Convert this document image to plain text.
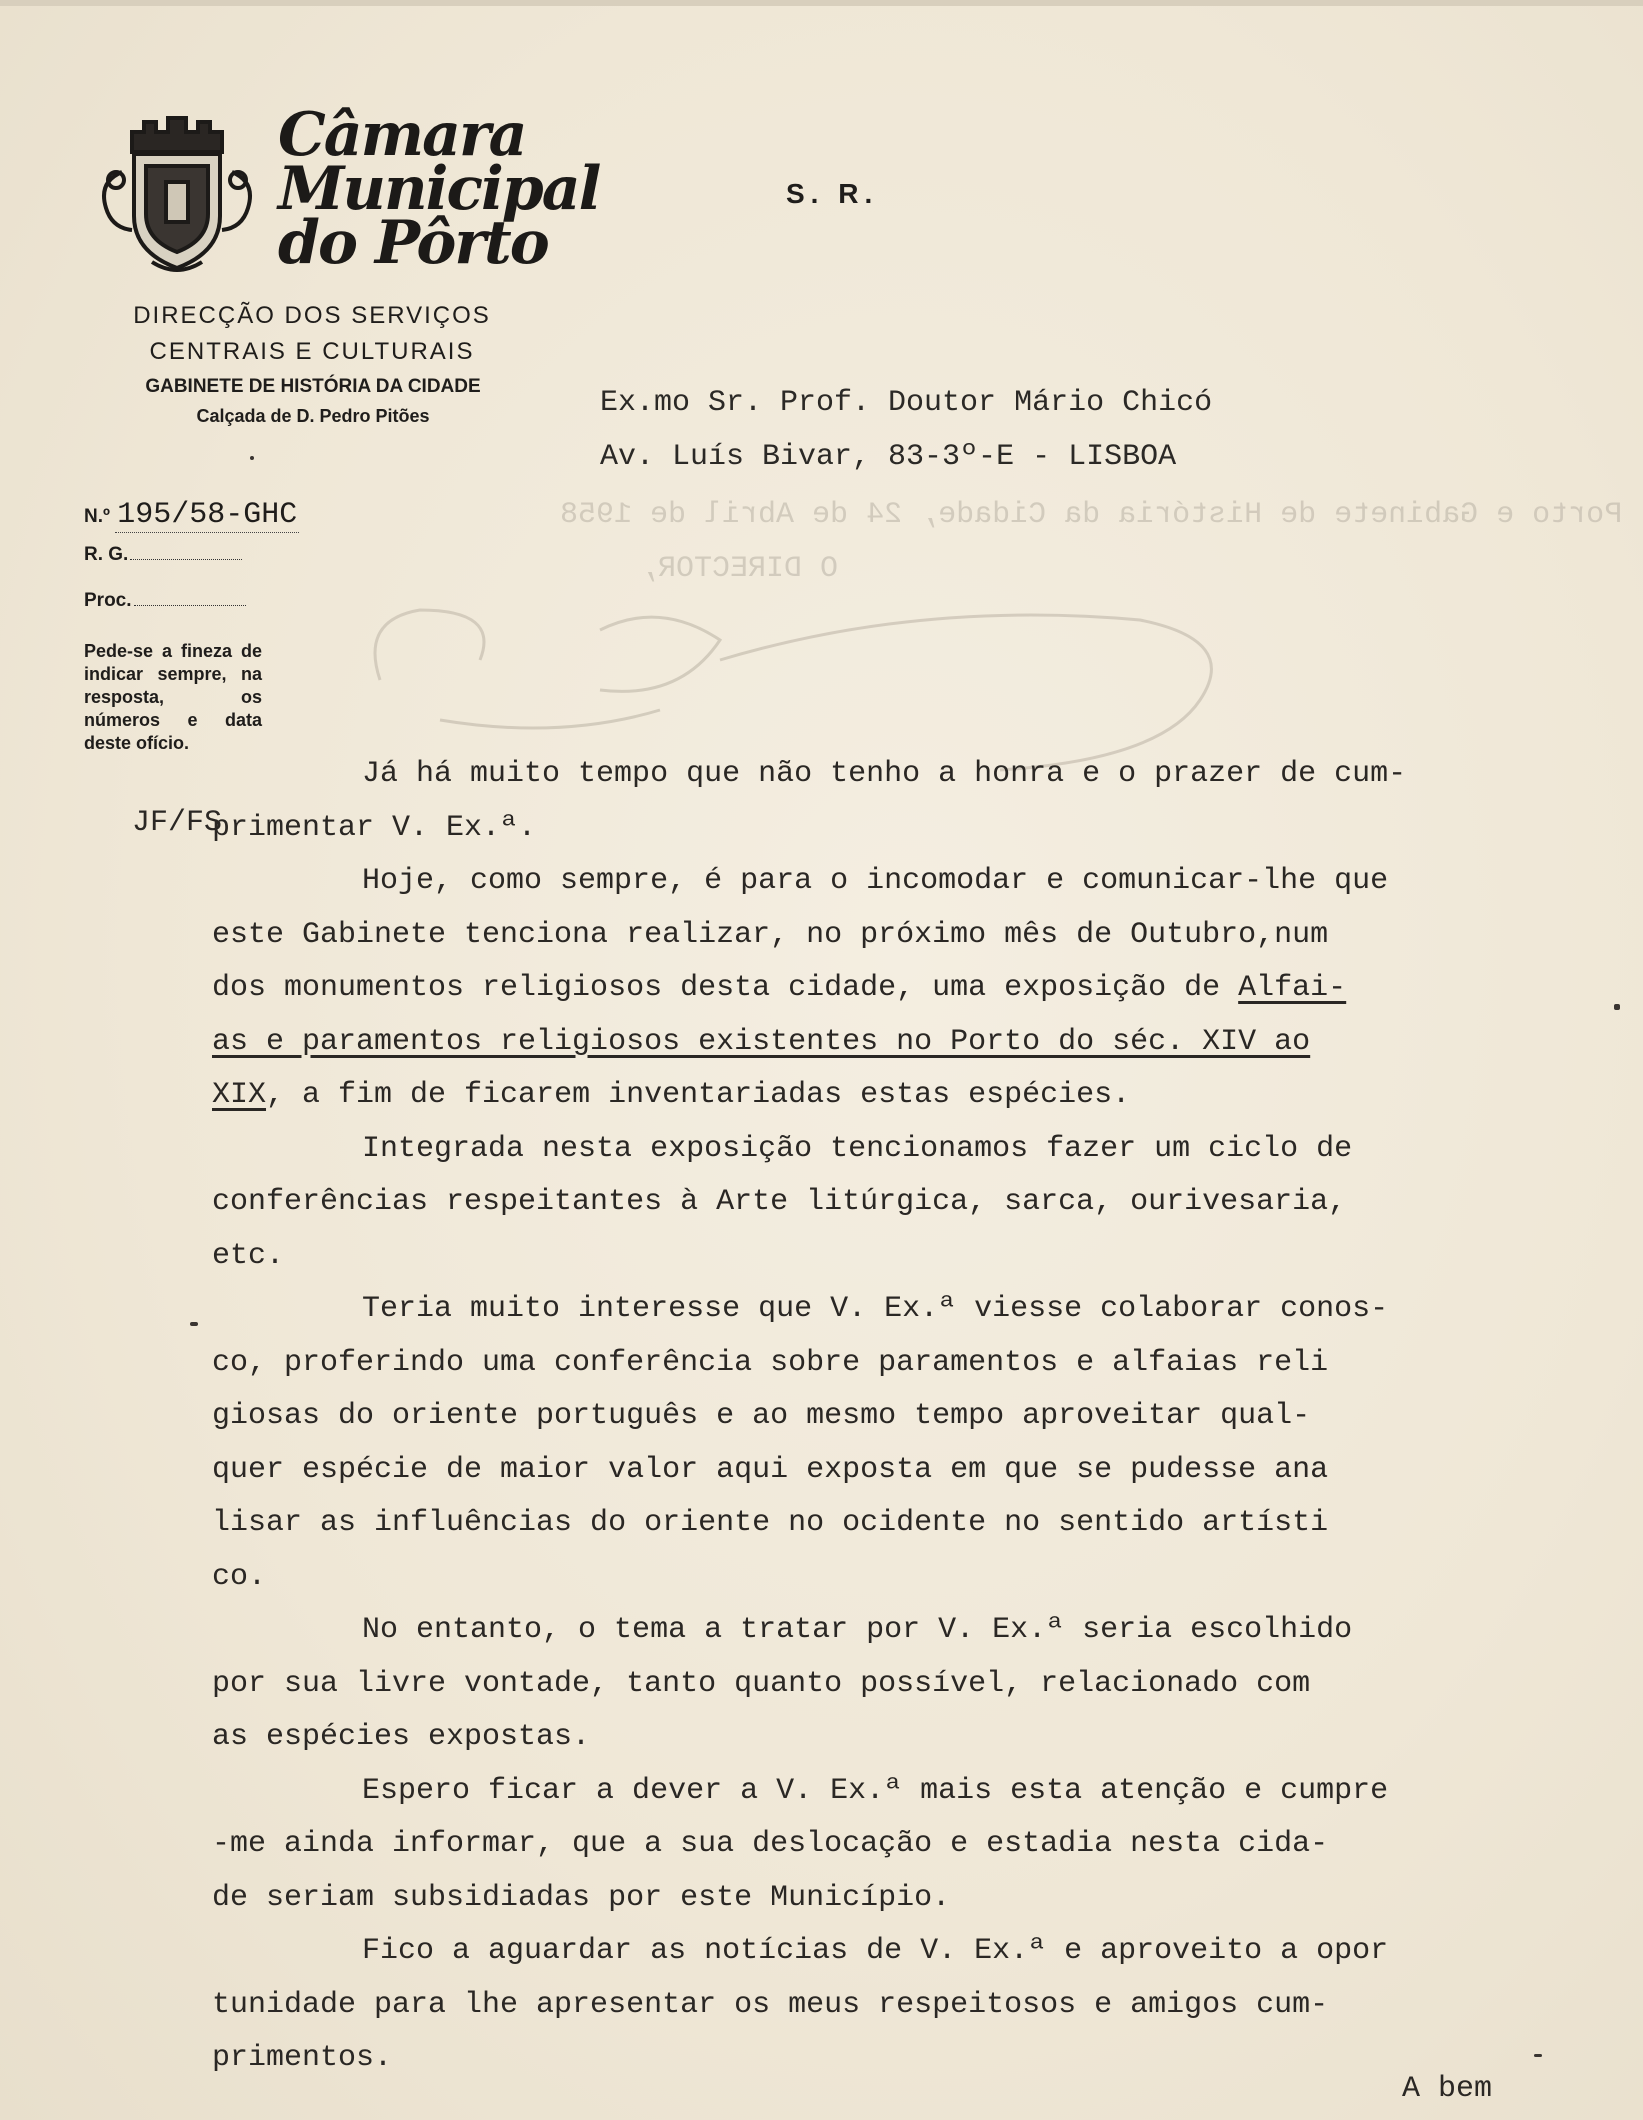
Câmara
Municipal
do Pôrto
DIRECÇÃO DOS SERVIÇOS
CENTRAIS E CULTURAIS
GABINETE DE HISTÓRIA DA CIDADE
Calçada de D. Pedro Pitões
N.º 195/58-GHC
R. G.
Proc.
Pede-se a fineza de indicar sempre, na resposta, os números e data deste ofício.
JF/FS
S. R.
Ex.mo Sr. Prof. Doutor Mário Chicó
Av. Luís Bivar, 83-3º-E - LISBOA
Porto e Gabinete de História da Cidade, 24 de Abril de 1958
O DIRECTOR,

Já há muito tempo que não tenho a honra e o prazer de cum-

primentar V. Ex.ª.

Hoje, como sempre, é para o incomodar e comunicar-lhe que

este Gabinete tenciona realizar, no próximo mês de Outubro,num

dos monumentos religiosos desta cidade, uma exposição de Alfai-

as e paramentos religiosos existentes no Porto do séc. XIV ao

XIX, a fim de ficarem inventariadas estas espécies.

Integrada nesta exposição tencionamos fazer um ciclo de

conferências respeitantes à Arte litúrgica, sarca, ourivesaria,

etc.

Teria muito interesse que V. Ex.ª viesse colaborar conos-

co, proferindo uma conferência sobre paramentos e alfaias reli

giosas do oriente português e ao mesmo tempo aproveitar qual-

quer espécie de maior valor aqui exposta em que se pudesse ana

lisar as influências do oriente no ocidente no sentido artísti

co.

No entanto, o tema a tratar por V. Ex.ª seria escolhido

por sua livre vontade, tanto quanto possível, relacionado com

as espécies expostas.

Espero ficar a dever a V. Ex.ª mais esta atenção e cumpre

-me ainda informar, que a sua deslocação e estadia nesta cida-

de seriam subsidiadas por este Município.

Fico a aguardar as notícias de V. Ex.ª e aproveito a opor

tunidade para lhe apresentar os meus respeitosos e amigos cum-

primentos.

A bem
